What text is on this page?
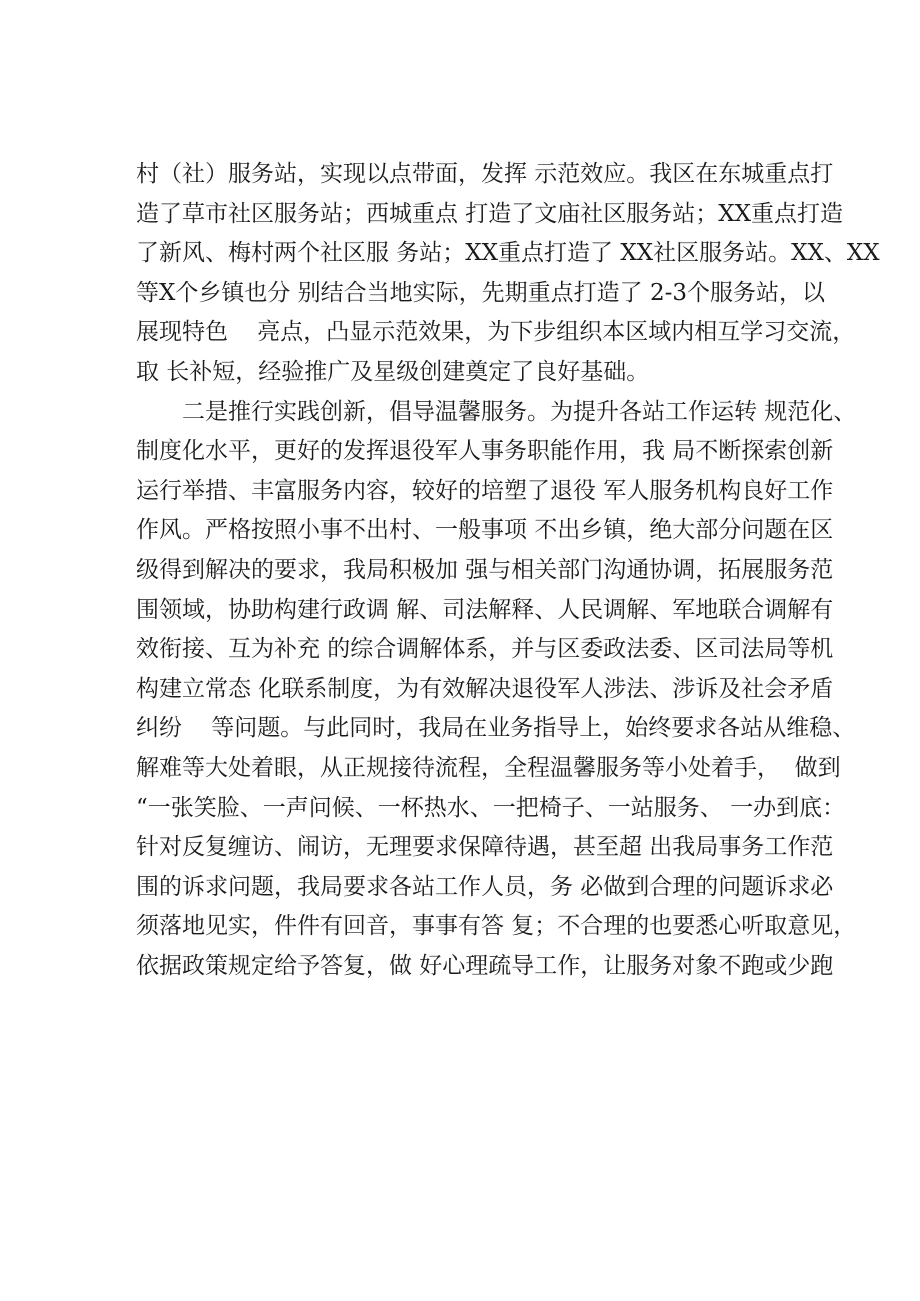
村（社）服务站，实现以点带面，发挥 示范效应。我区在东城重点打
造了草市社区服务站；西城重点 打造了文庙社区服务站；XX重点打造
了新风、梅村两个社区服 务站；XX重点打造了 XX社区服务站。XX、XX
等X个乡镇也分 别结合当地实际，先期重点打造了 2-3个服务站，以
展现特色    亮点，凸显示范效果，为下步组织本区域内相互学习交流，
取 长补短，经验推广及星级创建奠定了良好基础。
二是推行实践创新，倡导温馨服务。为提升各站工作运转 规范化、
制度化水平，更好的发挥退役军人事务职能作用，我 局不断探索创新
运行举措、丰富服务内容，较好的培塑了退役 军人服务机构良好工作
作风。严格按照小事不出村、一般事项 不出乡镇，绝大部分问题在区
级得到解决的要求，我局积极加 强与相关部门沟通协调，拓展服务范
围领域，协助构建行政调 解、司法解释、人民调解、军地联合调解有
效衔接、互为补充 的综合调解体系，并与区委政法委、区司法局等机
构建立常态 化联系制度，为有效解决退役军人涉法、涉诉及社会矛盾
纠纷    等问题。与此同时，我局在业务指导上，始终要求各站从维稳、
解难等大处着眼，从正规接待流程，全程温馨服务等小处着手，  做到
“一张笑脸、一声问候、一杯热水、一把椅子、一站服务、 一办到底：
针对反复缠访、闹访，无理要求保障待遇，甚至超 出我局事务工作范
围的诉求问题，我局要求各站工作人员，务 必做到合理的问题诉求必
须落地见实，件件有回音，事事有答 复；不合理的也要悉心听取意见，
依据政策规定给予答复，做 好心理疏导工作，让服务对象不跑或少跑
